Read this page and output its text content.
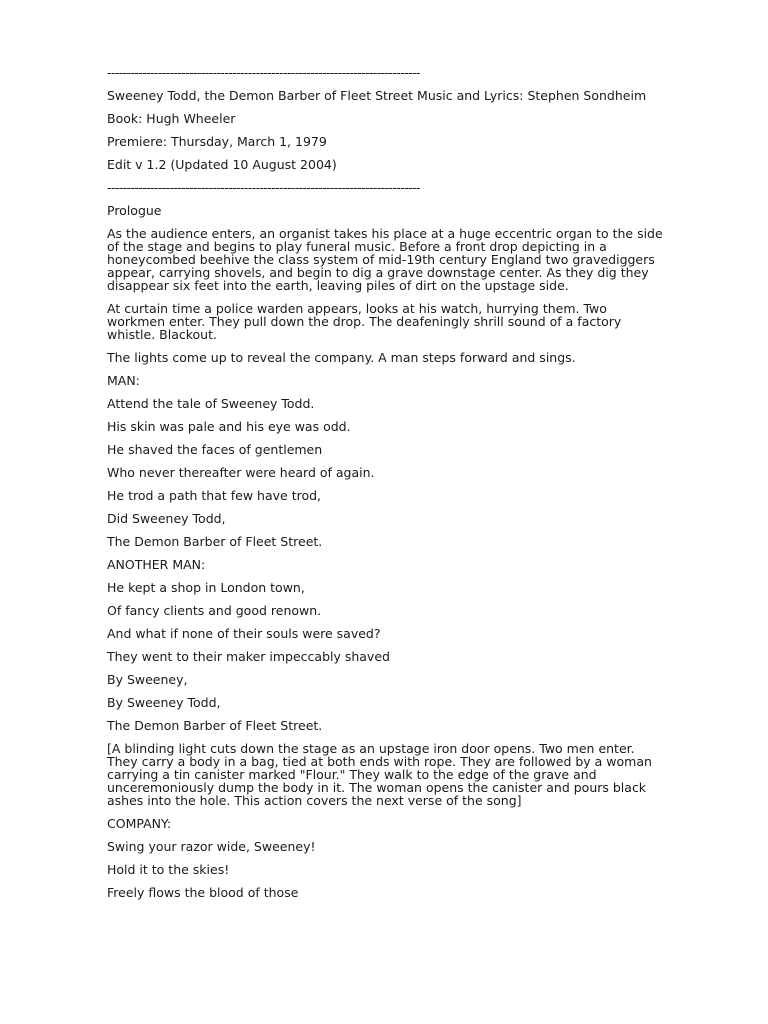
--------------------------------------------------------------------------------

Sweeney Todd, the Demon Barber of Fleet Street Music and Lyrics: Stephen Sondheim

Book: Hugh Wheeler

Premiere: Thursday, March 1, 1979

Edit v 1.2 (Updated 10 August 2004)

--------------------------------------------------------------------------------

Prologue

As the audience enters, an organist takes his place at a huge eccentric organ to the side of the stage and begins to play funeral music. Before a front drop depicting in a honeycombed beehive the class system of mid-19th century England two gravediggers appear, carrying shovels, and begin to dig a grave downstage center. As they dig they disappear six feet into the earth, leaving piles of dirt on the upstage side.

At curtain time a police warden appears, looks at his watch, hurrying them. Two workmen enter. They pull down the drop. The deafeningly shrill sound of a factory whistle. Blackout.

The lights come up to reveal the company. A man steps forward and sings.

MAN:

Attend the tale of Sweeney Todd.

His skin was pale and his eye was odd.

He shaved the faces of gentlemen

Who never thereafter were heard of again.

He trod a path that few have trod,

Did Sweeney Todd,

The Demon Barber of Fleet Street.

ANOTHER MAN:

He kept a shop in London town,

Of fancy clients and good renown.

And what if none of their souls were saved?

They went to their maker impeccably shaved

By Sweeney,

By Sweeney Todd,

The Demon Barber of Fleet Street.

[A blinding light cuts down the stage as an upstage iron door opens. Two men enter. They carry a body in a bag, tied at both ends with rope. They are followed by a woman carrying a tin canister marked "Flour." They walk to the edge of the grave and unceremoniously dump the body in it. The woman opens the canister and pours black ashes into the hole. This action covers the next verse of the song]

COMPANY:

Swing your razor wide, Sweeney!

Hold it to the skies!

Freely flows the blood of those
